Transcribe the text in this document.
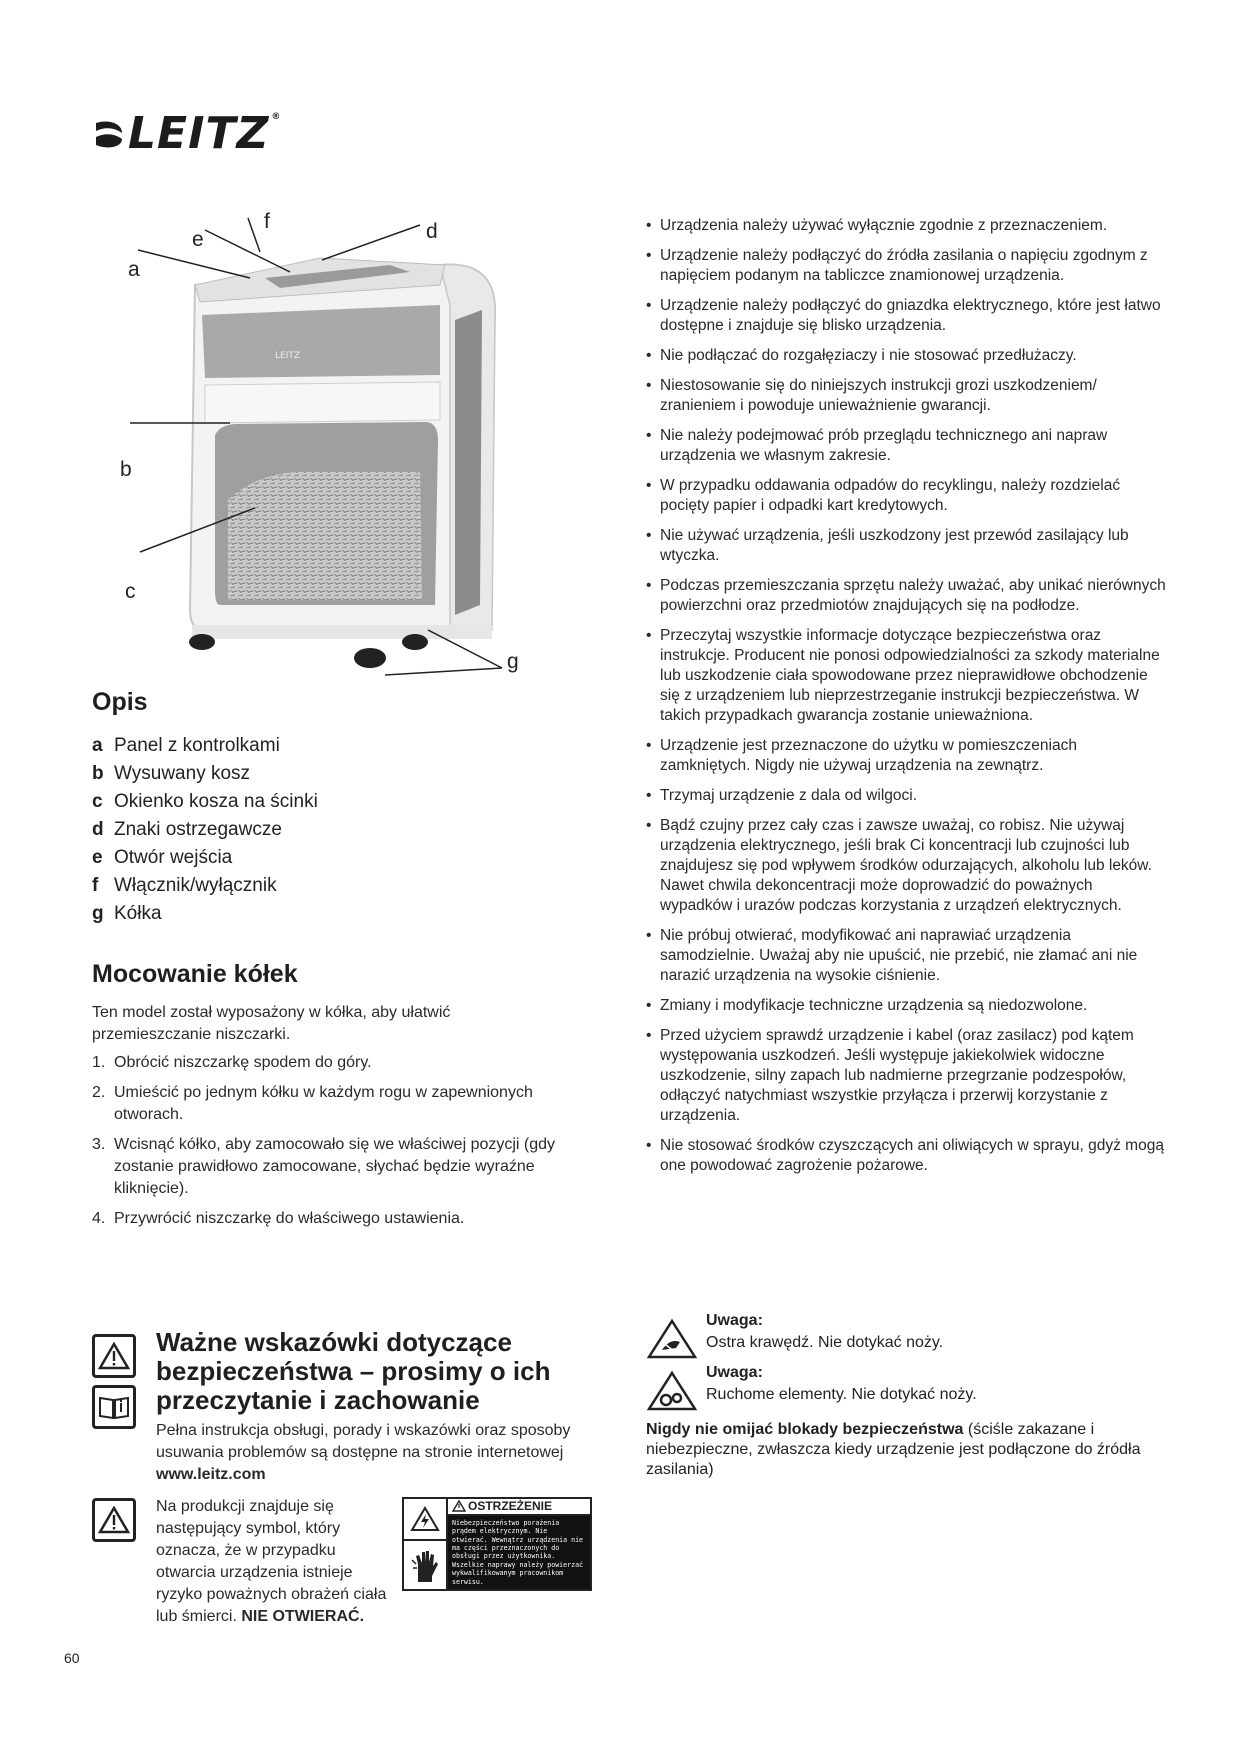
LEITZ ®
LEITZ
a
b
c
d
e
f
g
Opis
a Panel z kontrolkami
b Wysuwany kosz
c Okienko kosza na ścinki
d Znaki ostrzegawcze
e Otwór wejścia
f Włącznik/wyłącznik
g Kółka
Mocowanie kółek
Ten model został wyposażony w kółka, aby ułatwić przemieszczanie niszczarki.
1. Obrócić niszczarkę spodem do góry.
2. Umieścić po jednym kółku w każdym rogu w zapewnionych otworach.
3. Wcisnąć kółko, aby zamocowało się we właściwej pozycji (gdy zostanie prawidłowo zamocowane, słychać będzie wyraźne kliknięcie).
4. Przywrócić niszczarkę do właściwego ustawienia.
Ważne wskazówki dotyczące bezpieczeństwa – prosimy o ich przeczytanie i zachowanie
Pełna instrukcja obsługi, porady i wskazówki oraz sposoby usuwania problemów są dostępne na stronie internetowej www.leitz.com
Na produkcji znajduje się następujący symbol, który oznacza, że w przypadku otwarcia urządzenia istnieje ryzyko poważnych obrażeń ciała lub śmierci. NIE OTWIERAĆ.
OSTRZEŻENIE
Niebezpieczeństwo porażenia prądem elektrycznym. Nie otwierać. Wewnątrz urządzenia nie ma części przeznaczonych do obsługi przez użytkownika. Wszelkie naprawy należy powierzać wykwalifikowanym pracownikom serwisu.
• Urządzenia należy używać wyłącznie zgodnie z przeznaczeniem.
• Urządzenie należy podłączyć do źródła zasilania o napięciu zgodnym z napięciem podanym na tabliczce znamionowej urządzenia.
• Urządzenie należy podłączyć do gniazdka elektrycznego, które jest łatwo dostępne i znajduje się blisko urządzenia.
• Nie podłączać do rozgałęziaczy i nie stosować przedłużaczy.
• Niestosowanie się do niniejszych instrukcji grozi uszkodzeniem/ zranieniem i powoduje unieważnienie gwarancji.
• Nie należy podejmować prób przeglądu technicznego ani napraw urządzenia we własnym zakresie.
• W przypadku oddawania odpadów do recyklingu, należy rozdzielać pocięty papier i odpadki kart kredytowych.
• Nie używać urządzenia, jeśli uszkodzony jest przewód zasilający lub wtyczka.
• Podczas przemieszczania sprzętu należy uważać, aby unikać nierównych powierzchni oraz przedmiotów znajdujących się na podłodze.
• Przeczytaj wszystkie informacje dotyczące bezpieczeństwa oraz instrukcje. Producent nie ponosi odpowiedzialności za szkody materialne lub uszkodzenie ciała spowodowane przez nieprawidłowe obchodzenie się z urządzeniem lub nieprzestrzeganie instrukcji bezpieczeństwa. W takich przypadkach gwarancja zostanie unieważniona.
• Urządzenie jest przeznaczone do użytku w pomieszczeniach zamkniętych. Nigdy nie używaj urządzenia na zewnątrz.
• Trzymaj urządzenie z dala od wilgoci.
• Bądź czujny przez cały czas i zawsze uważaj, co robisz. Nie używaj urządzenia elektrycznego, jeśli brak Ci koncentracji lub czujności lub znajdujesz się pod wpływem środków odurzających, alkoholu lub leków. Nawet chwila dekoncentracji może doprowadzić do poważnych wypadków i urazów podczas korzystania z urządzeń elektrycznych.
• Nie próbuj otwierać, modyfikować ani naprawiać urządzenia samodzielnie. Uważaj aby nie upuścić, nie przebić, nie złamać ani nie narazić urządzenia na wysokie ciśnienie.
• Zmiany i modyfikacje techniczne urządzenia są niedozwolone.
• Przed użyciem sprawdź urządzenie i kabel (oraz zasilacz) pod kątem występowania uszkodzeń. Jeśli występuje jakiekolwiek widoczne uszkodzenie, silny zapach lub nadmierne przegrzanie podzespołów, odłączyć natychmiast wszystkie przyłącza i przerwij korzystanie z urządzenia.
• Nie stosować środków czyszczących ani oliwiących w sprayu, gdyż mogą one powodować zagrożenie pożarowe.
Uwaga:
Ostra krawędź. Nie dotykać noży.
Uwaga:
Ruchome elementy. Nie dotykać noży.
Nigdy nie omijać blokady bezpieczeństwa (ściśle zakazane i niebezpieczne, zwłaszcza kiedy urządzenie jest podłączone do źródła zasilania)
60
